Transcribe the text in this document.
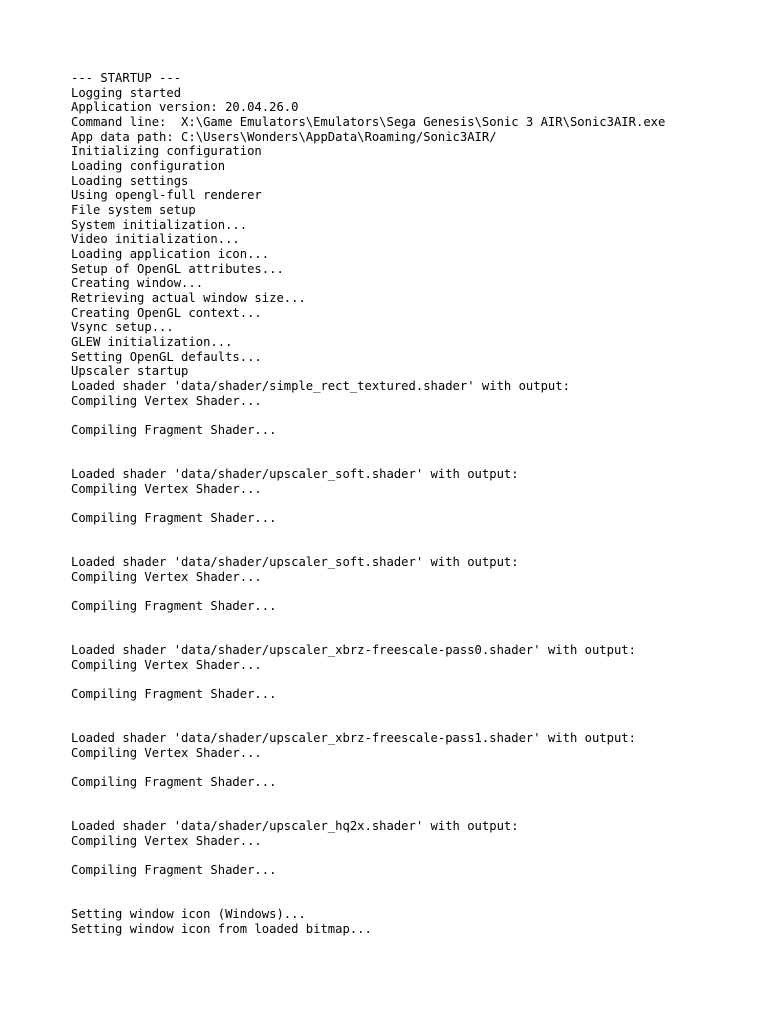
--- STARTUP ---
Logging started
Application version: 20.04.26.0
Command line:  X:\Game Emulators\Emulators\Sega Genesis\Sonic 3 AIR\Sonic3AIR.exe
App data path: C:\Users\Wonders\AppData\Roaming/Sonic3AIR/
Initializing configuration
Loading configuration
Loading settings
Using opengl-full renderer
File system setup
System initialization...
Video initialization...
Loading application icon...
Setup of OpenGL attributes...
Creating window...
Retrieving actual window size...
Creating OpenGL context...
Vsync setup...
GLEW initialization...
Setting OpenGL defaults...
Upscaler startup
Loaded shader 'data/shader/simple_rect_textured.shader' with output:
Compiling Vertex Shader...
Compiling Fragment Shader...
Loaded shader 'data/shader/upscaler_soft.shader' with output:
Compiling Vertex Shader...
Compiling Fragment Shader...
Loaded shader 'data/shader/upscaler_soft.shader' with output:
Compiling Vertex Shader...
Compiling Fragment Shader...
Loaded shader 'data/shader/upscaler_xbrz-freescale-pass0.shader' with output:
Compiling Vertex Shader...
Compiling Fragment Shader...
Loaded shader 'data/shader/upscaler_xbrz-freescale-pass1.shader' with output:
Compiling Vertex Shader...
Compiling Fragment Shader...
Loaded shader 'data/shader/upscaler_hq2x.shader' with output:
Compiling Vertex Shader...
Compiling Fragment Shader...
Setting window icon (Windows)...
Setting window icon from loaded bitmap...
